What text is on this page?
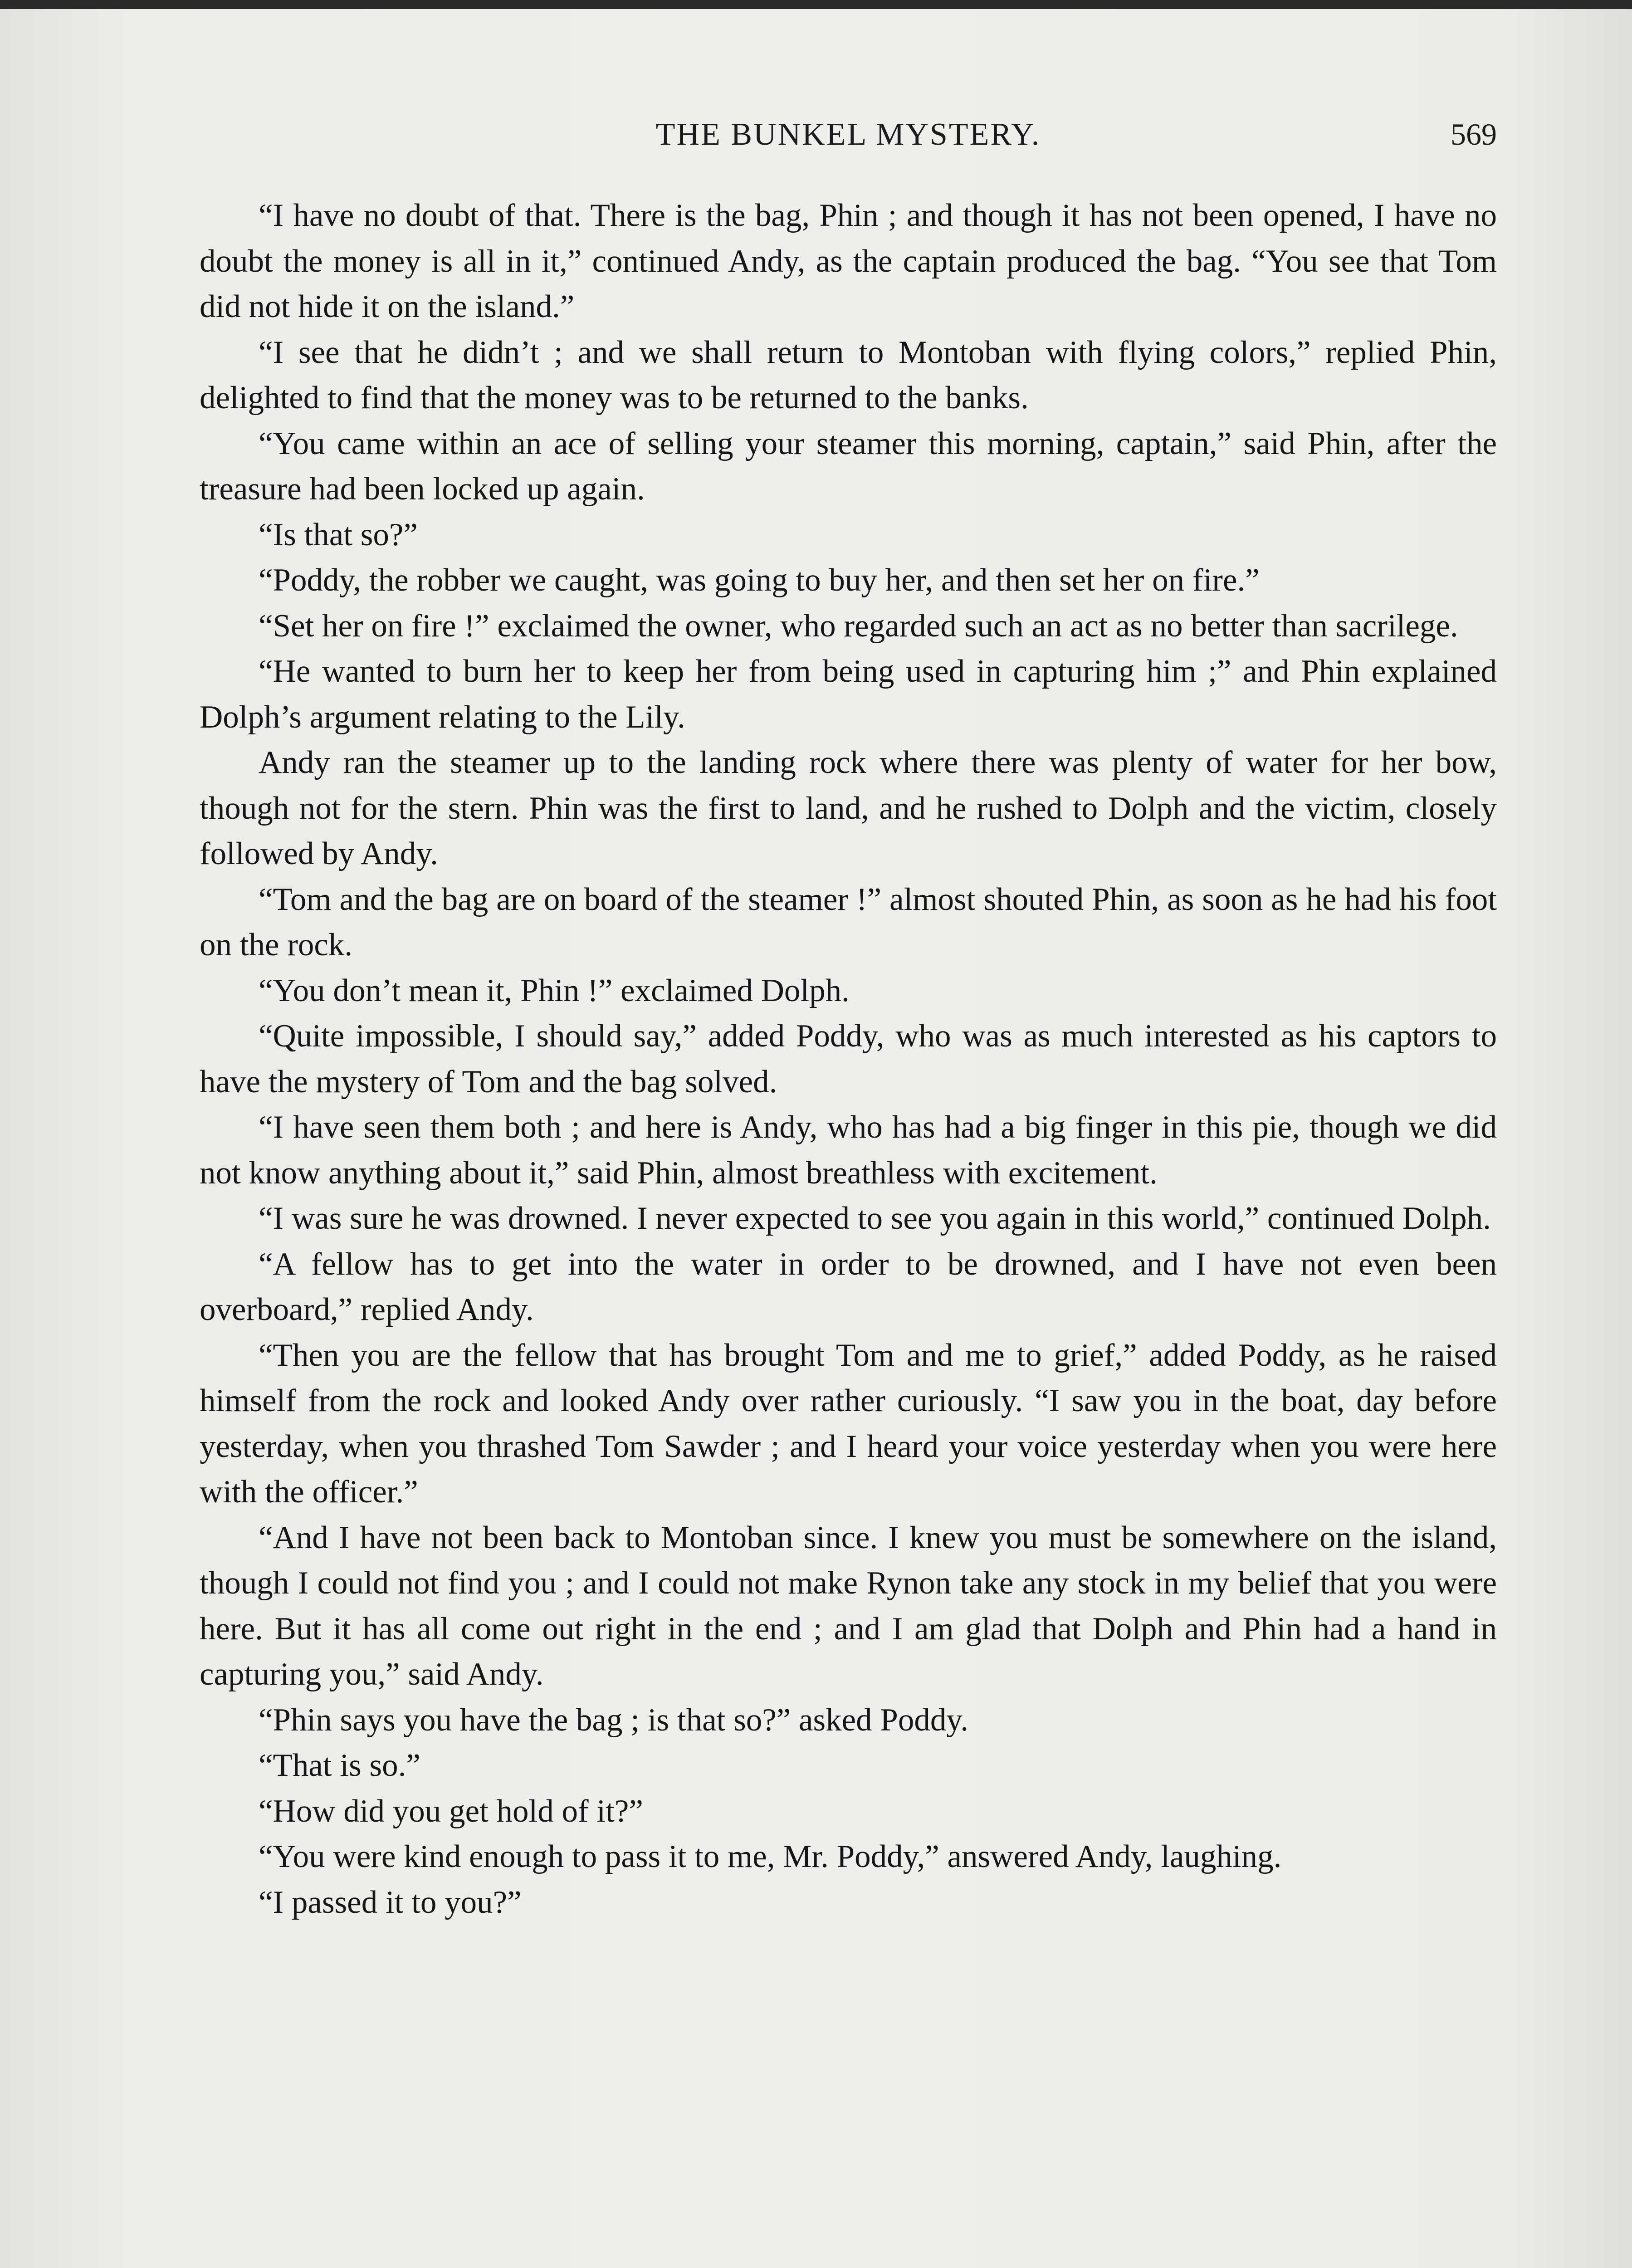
THE BUNKEL MYSTERY.	569

“I have no doubt of that. There is the bag, Phin ; and though it has not been opened, I have no doubt the money is all in it,” continued Andy, as the captain produced the bag. “You see that Tom did not hide it on the island.”

“I see that he didn’t ; and we shall return to Montoban with flying colors,” replied Phin, delighted to find that the money was to be returned to the banks.

“You came within an ace of selling your steamer this morning, captain,” said Phin, after the treasure had been locked up again.

“Is that so?”

“Poddy, the robber we caught, was going to buy her, and then set her on fire.”

“Set her on fire !” exclaimed the owner, who regarded such an act as no better than sacrilege.

“He wanted to burn her to keep her from being used in capturing him ;” and Phin explained Dolph’s argument relating to the Lily.

Andy ran the steamer up to the landing rock where there was plenty of water for her bow, though not for the stern. Phin was the first to land, and he rushed to Dolph and the victim, closely followed by Andy.

“Tom and the bag are on board of the steamer !” almost shouted Phin, as soon as he had his foot on the rock.

“You don’t mean it, Phin !” exclaimed Dolph.

“Quite impossible, I should say,” added Poddy, who was as much interested as his captors to have the mystery of Tom and the bag solved.

“I have seen them both ; and here is Andy, who has had a big finger in this pie, though we did not know anything about it,” said Phin, almost breathless with excitement.

“I was sure he was drowned. I never expected to see you again in this world,” continued Dolph.

“A fellow has to get into the water in order to be drowned, and I have not even been overboard,” replied Andy.

“Then you are the fellow that has brought Tom and me to grief,” added Poddy, as he raised himself from the rock and looked Andy over rather curiously. “I saw you in the boat, day before yesterday, when you thrashed Tom Sawder ; and I heard your voice yesterday when you were here with the officer.”

“And I have not been back to Montoban since. I knew you must be somewhere on the island, though I could not find you ; and I could not make Rynon take any stock in my belief that you were here. But it has all come out right in the end ; and I am glad that Dolph and Phin had a hand in capturing you,” said Andy.

“Phin says you have the bag ; is that so?” asked Poddy.

“That is so.”

“How did you get hold of it?”

“You were kind enough to pass it to me, Mr. Poddy,” answered Andy, laughing.

“I passed it to you?”
